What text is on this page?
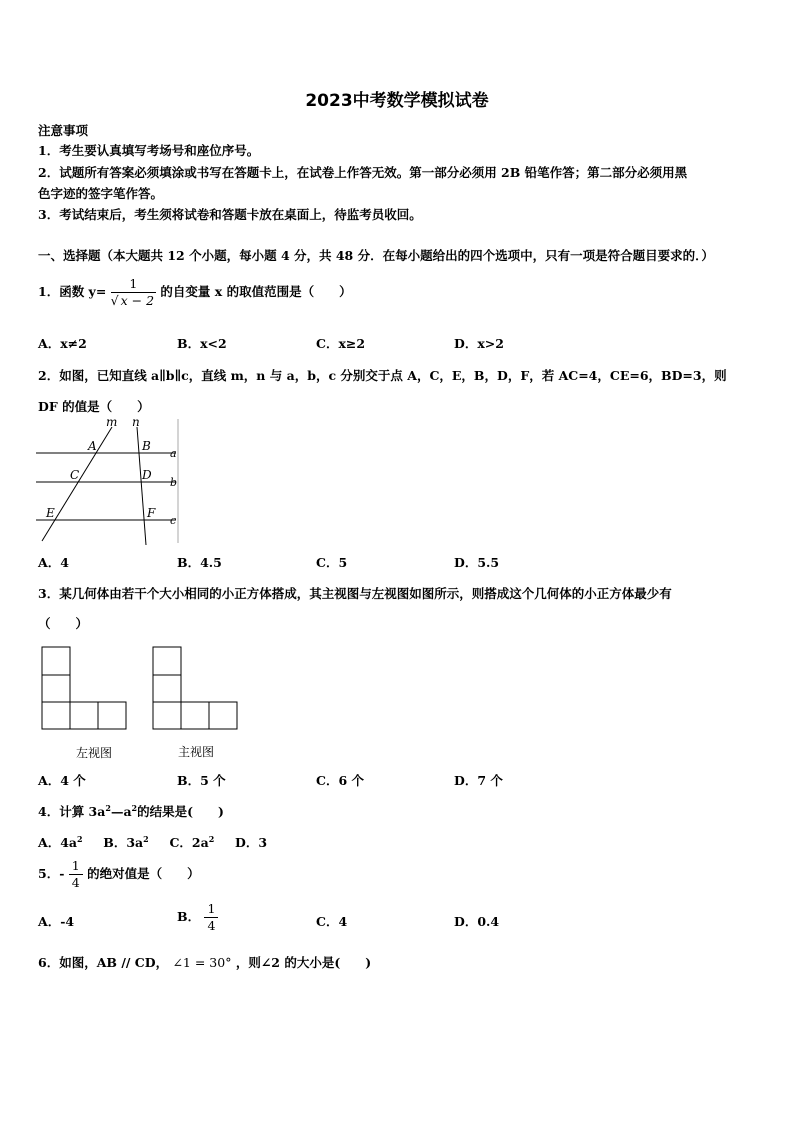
2023中考数学模拟试卷
注意事项
1．考生要认真填写考场号和座位序号。
2．试题所有答案必须填涂或书写在答题卡上，在试卷上作答无效。第一部分必须用 2B 铅笔作答；第二部分必须用黑
色字迹的签字笔作答。
3．考试结束后，考生须将试卷和答题卡放在桌面上，待监考员收回。
一、选择题（本大题共 12 个小题，每小题 4 分，共 48 分．在每小题给出的四个选项中，只有一项是符合题目要求的．）
1．函数 $y= \frac{1}{√ x - 2}$ 的自变量 x 的取值范围是（　　）
A．x≠2	B．x<2	C．x≥2	D．x>2
2．如图，已知直线 a∥b∥c，直线 m，n 与 a，b，c 分别交于点 A，C，E，B，D，F，若 AC=4，CE=6，BD=3，则
DF 的值是（　　）
m n
A	B
C	D
E	F
a
b
c
A．4	B．4.5	C．5	D．5.5
3．某几何体由若干个大小相同的小正方体搭成，其主视图与左视图如图所示，则搭成这个几何体的小正方体最少有
（　　）
左视图	主视图
A．4 个	B．5 个	C．6 个	D．7 个
4．计算 $3a^2—a^2$的结果是(　　)
A．$4a^2$ B．$3a^2$ C．$2a^2$ D．3
5．- $\frac{1}{4}$ 的绝对值是（　　）
A．-4	B． $\frac{1}{4}$	C．4	D．0.4
6．如图，AB // CD， ∠1 = 30° ，则∠2 的大小是(　　)
